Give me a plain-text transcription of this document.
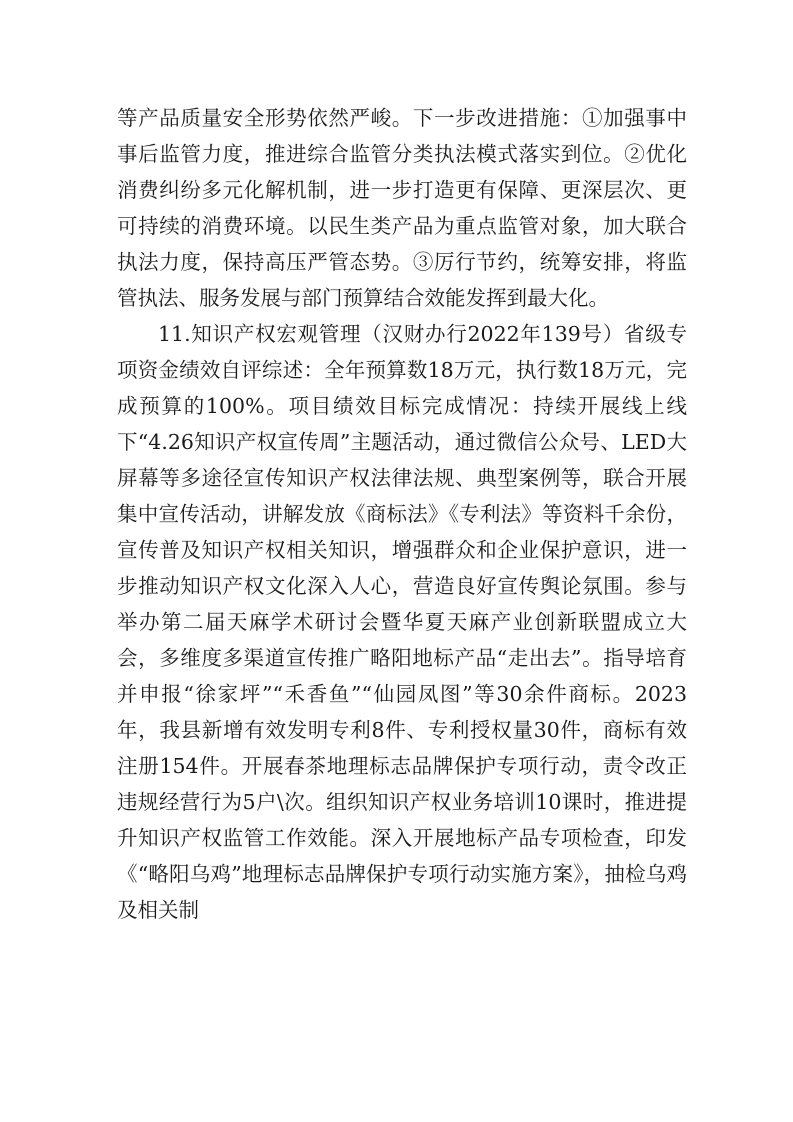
等产品质量安全形势依然严峻。下一步改进措施：①加强事中事后监管力度，推进综合监管分类执法模式落实到位。②优化消费纠纷多元化解机制，进一步打造更有保障、更深层次、更可持续的消费环境。以民生类产品为重点监管对象，加大联合执法力度，保持高压严管态势。③厉行节约，统筹安排，将监管执法、服务发展与部门预算结合效能发挥到最大化。

11.知识产权宏观管理（汉财办行2022年139号）省级专项资金绩效自评综述：全年预算数18万元，执行数18万元，完成预算的100%。项目绩效目标完成情况：持续开展线上线下“4.26知识产权宣传周”主题活动，通过微信公众号、LED大屏幕等多途径宣传知识产权法律法规、典型案例等，联合开展集中宣传活动，讲解发放《商标法》《专利法》等资料千余份，宣传普及知识产权相关知识，增强群众和企业保护意识，进一步推动知识产权文化深入人心，营造良好宣传舆论氛围。参与举办第二届天麻学术研讨会暨华夏天麻产业创新联盟成立大会，多维度多渠道宣传推广略阳地标产品“走出去”。指导培育并申报“徐家坪”“禾香鱼”“仙园凤图”等30余件商标。2023年，我县新增有效发明专利8件、专利授权量30件，商标有效注册154件。开展春茶地理标志品牌保护专项行动，责令改正违规经营行为5户\次。组织知识产权业务培训10课时，推进提升知识产权监管工作效能。深入开展地标产品专项检查，印发《“略阳乌鸡”地理标志品牌保护专项行动实施方案》，抽检乌鸡及相关制
